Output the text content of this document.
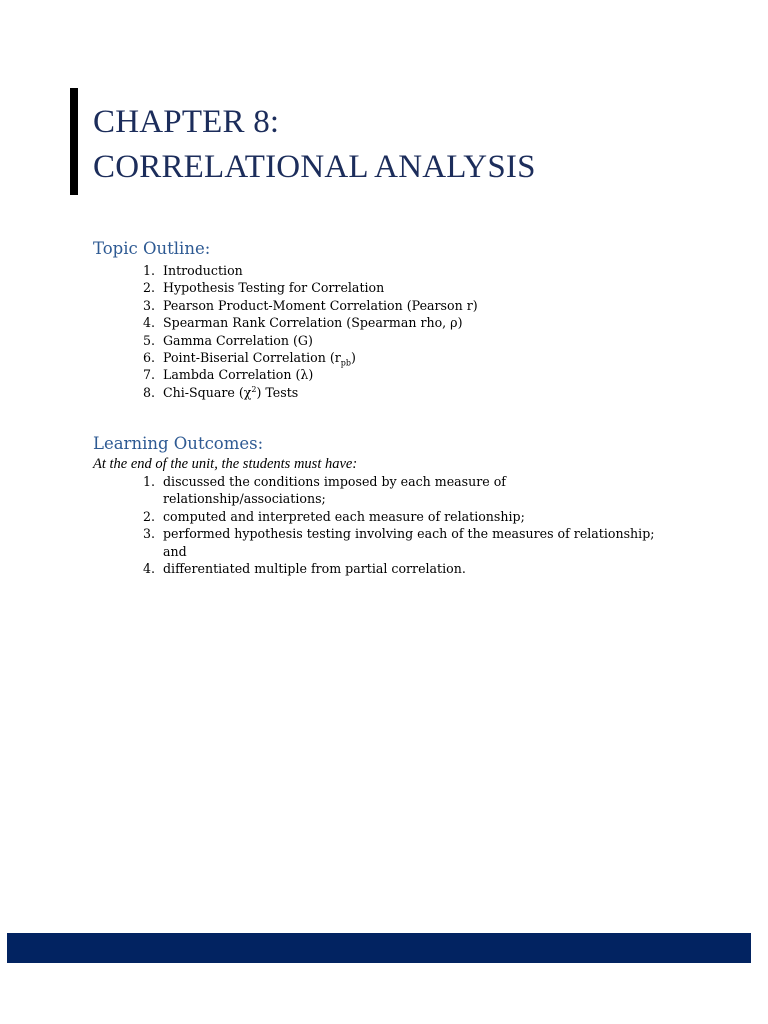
CHAPTER 8:
CORRELATIONAL ANALYSIS
Topic Outline:
1. Introduction
2. Hypothesis Testing for Correlation
3. Pearson Product-Moment Correlation (Pearson r)
4. Spearman Rank Correlation (Spearman rho, ρ)
5. Gamma Correlation (G)
6. Point-Biserial Correlation $(r_{pb})$
7. Lambda Correlation (λ)
8. Chi-Square $(\chi^2)$ Tests
Learning Outcomes:

At the end of the unit, the students must have:

1. discussed the conditions imposed by each measure of relationship/associations;
2. computed and interpreted each measure of relationship;
3. performed hypothesis testing involving each of the measures of relationship; and
4. differentiated multiple from partial correlation.
